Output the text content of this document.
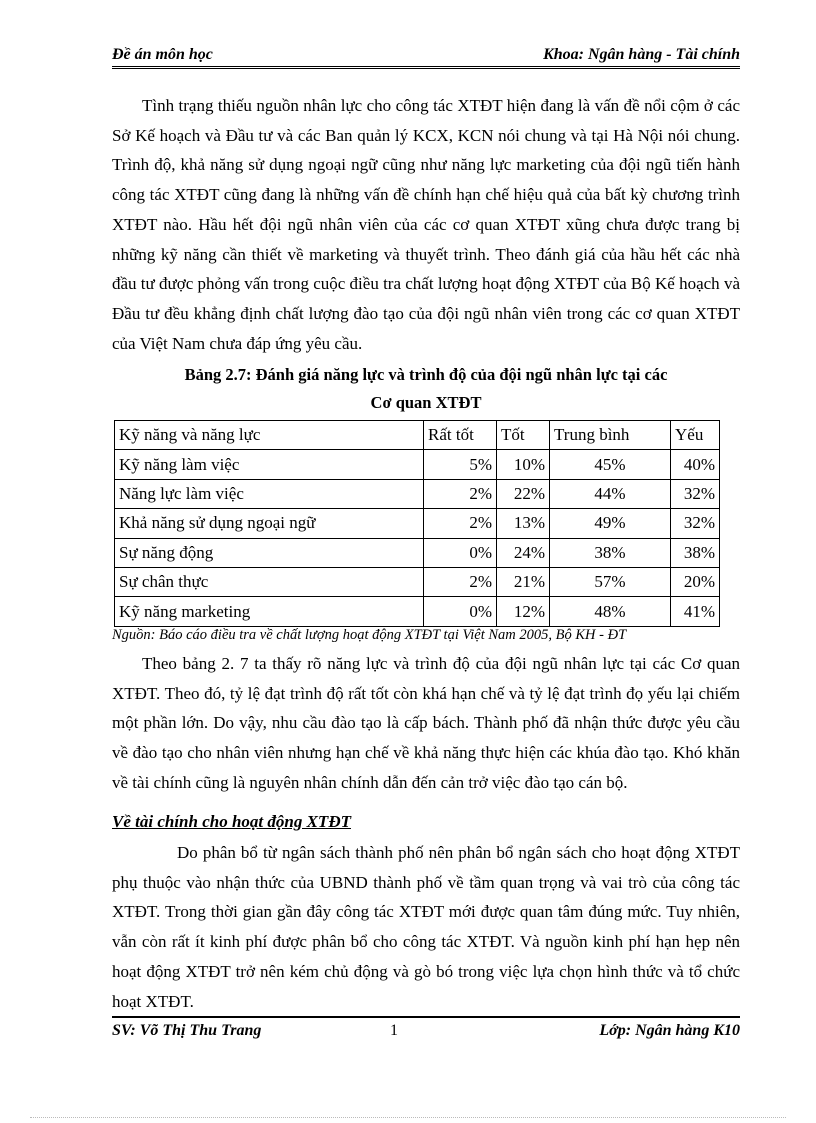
Đề án môn học	Khoa: Ngân hàng - Tài chính

Tình trạng thiếu nguồn nhân lực cho công tác XTĐT hiện đang là vấn đề nổi cộm ở các Sở Kế hoạch và Đầu tư và các Ban quản lý KCX, KCN nói chung và tại Hà Nội nói chung. Trình độ, khả năng sử dụng ngoại ngữ cũng như năng lực marketing của đội ngũ tiến hành công tác XTĐT cũng đang là những vấn đề chính hạn chế hiệu quả của bất kỳ chương trình XTĐT nào. Hầu hết đội ngũ nhân viên của các cơ quan XTĐT xũng chưa được trang bị những kỹ năng cần thiết về marketing và thuyết trình. Theo đánh giá của hầu hết các nhà đầu tư được phỏng vấn trong cuộc điều tra chất lượng hoạt động XTĐT của Bộ Kế hoạch và Đầu tư đều khẳng định chất lượng đào tạo của đội ngũ nhân viên trong các cơ quan XTĐT của Việt Nam chưa đáp ứng yêu cầu.

Bảng 2.7: Đánh giá năng lực và trình độ của đội ngũ nhân lực tại các
Cơ quan XTĐT
Kỹ năng và năng lực	Rất tốt	Tốt	Trung bình	Yếu
Kỹ năng làm việc	5%	10%	45%	40%
Năng lực làm việc	2%	22%	44%	32%
Khả năng sử dụng ngoại ngữ	2%	13%	49%	32%
Sự năng động	0%	24%	38%	38%
Sự chân thực	2%	21%	57%	20%
Kỹ năng marketing	0%	12%	48%	41%
Nguồn: Báo cáo điều tra về chất lượng hoạt động XTĐT tại Việt Nam 2005, Bộ KH - ĐT

Theo bảng 2. 7 ta thấy rõ năng lực và trình độ của đội ngũ nhân lực tại các Cơ quan XTĐT. Theo đó, tỷ lệ đạt trình độ rất tốt còn khá hạn chế và tỷ lệ đạt trình đọ yếu lại chiếm một phần lớn. Do vậy, nhu cầu đào tạo là cấp bách. Thành phố đã nhận thức được yêu cầu về đào tạo cho nhân viên nhưng hạn chế về khả năng thực hiện các khúa đào tạo. Khó khăn về tài chính cũng là nguyên nhân chính dẫn đến cản trở việc đào tạo cán bộ.

Về tài chính cho hoạt động XTĐT

Do phân bổ từ ngân sách thành phố nên phân bổ ngân sách cho hoạt động XTĐT phụ thuộc vào nhận thức của UBND thành phố về tầm quan trọng và vai trò của công tác XTĐT. Trong thời gian gần đây công tác XTĐT mới được quan tâm đúng mức. Tuy nhiên, vẫn còn rất ít kinh phí được phân bổ cho công tác XTĐT. Và nguồn kinh phí hạn hẹp nên hoạt động XTĐT trở nên kém chủ động và gò bó trong việc lựa chọn hình thức và tổ chức hoạt XTĐT.

SV: Võ Thị Thu Trang	1	Lớp: Ngân hàng K10
